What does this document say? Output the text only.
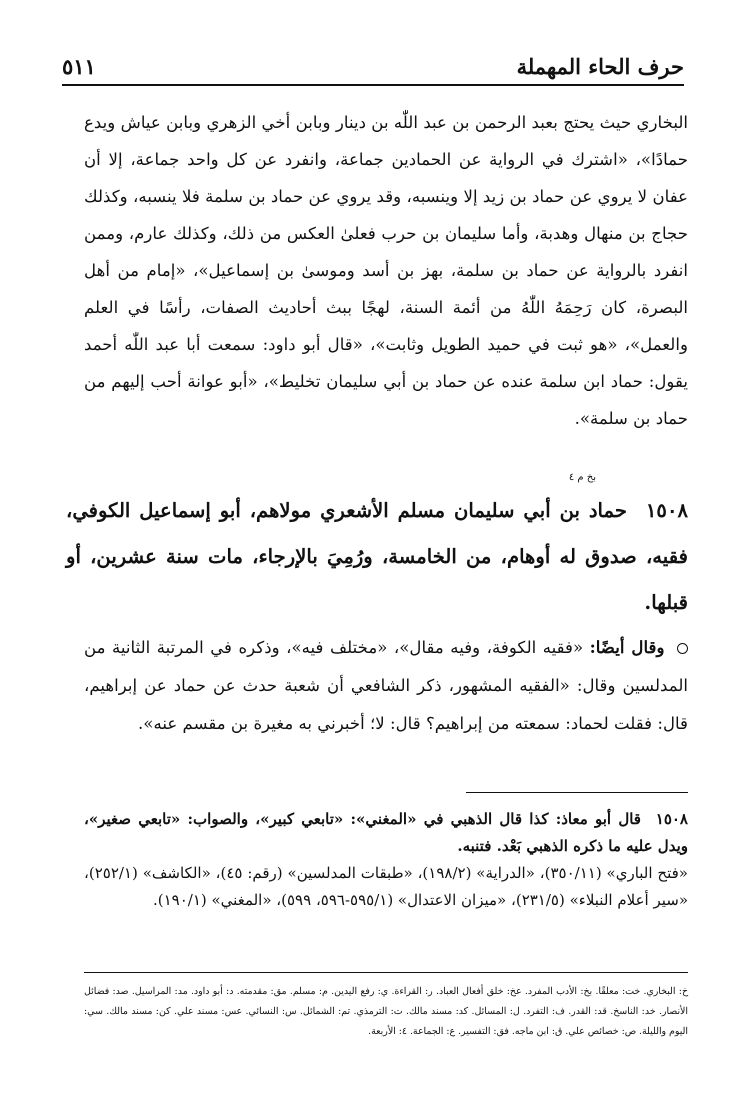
حرف الحاء المهملة
٥١١
البخاري حيث يحتج بعبد الرحمن بن عبد اللّٰه بن دينار وبابن أخي الزهري وبابن عياش ويدع حمادًا»، «اشترك في الرواية عن الحمادين جماعة، وانفرد عن كل واحد جماعة، إلا أن عفان لا يروي عن حماد بن زيد إلا وينسبه، وقد يروي عن حماد بن سلمة فلا ينسبه، وكذلك حجاج بن منهال وهدبة، وأما سليمان بن حرب فعلىٰ العكس من ذلك، وكذلك عارم، وممن انفرد بالرواية عن حماد بن سلمة، بهز بن أسد وموسىٰ بن إسماعيل»، «إمام من أهل البصرة، كان رَحِمَهُ اللّٰهُ من أئمة السنة، لهجًا ببث أحاديث الصفات، رأسًا في العلم والعمل»، «هو ثبت في حميد الطويل وثابت»، «قال أبو داود: سمعت أبا عبد اللّٰه أحمد يقول: حماد ابن سلمة عنده عن حماد بن أبي سليمان تخليط»، «أبو عوانة أحب إليهم من حماد بن سلمة».
بخ م ٤
١٥٠٨ حماد بن أبي سليمان مسلم الأشعري مولاهم، أبو إسماعيل الكوفي، فقيه، صدوق له أوهام، من الخامسة، ورُمِيَ بالإرجاء، مات سنة عشرين، أو قبلها.
وقال أيضًا: «فقيه الكوفة، وفيه مقال»، «مختلف فيه»، وذكره في المرتبة الثانية من المدلسين وقال: «الفقيه المشهور، ذكر الشافعي أن شعبة حدث عن حماد عن إبراهيم، قال: فقلت لحماد: سمعته من إبراهيم؟ قال: لا؛ أخبرني به مغيرة بن مقسم عنه».
١٥٠٨ قال أبو معاذ: كذا قال الذهبي في «المغني»: «تابعي كبير»، والصواب: «تابعي صغير»، ويدل عليه ما ذكره الذهبي بَعْد. فتنبه.
«فتح الباري» (٣٥٠/١١)، «الدراية» (١٩٨/٢)، «طبقات المدلسين» (رقم: ٤٥)، «الكاشف» (٢٥٢/١)، «سير أعلام النبلاء» (٢٣١/٥)، «ميزان الاعتدال» (٥٩٥/١-٥٩٦، ٥٩٩)، «المغني» (١٩٠/١).
خ: البخاري. خت: معلقًا. بخ: الأدب المفرد. عخ: خلق أفعال العباد. ر: القراءة. ي: رفع اليدين. م: مسلم. مق: مقدمته. د: أبو داود. مد: المراسيل. صد: فضائل الأنصار. خد: الناسخ. قد: القدر. ف: التفرد. ل: المسائل. كد: مسند مالك. ت: الترمذي. تم: الشمائل. س: النسائي. عس: مسند علي. كن: مسند مالك. سي: اليوم والليلة. ص: خصائص علي. ق: ابن ماجه. فق: التفسير. ع: الجماعة. ٤: الأربعة.
